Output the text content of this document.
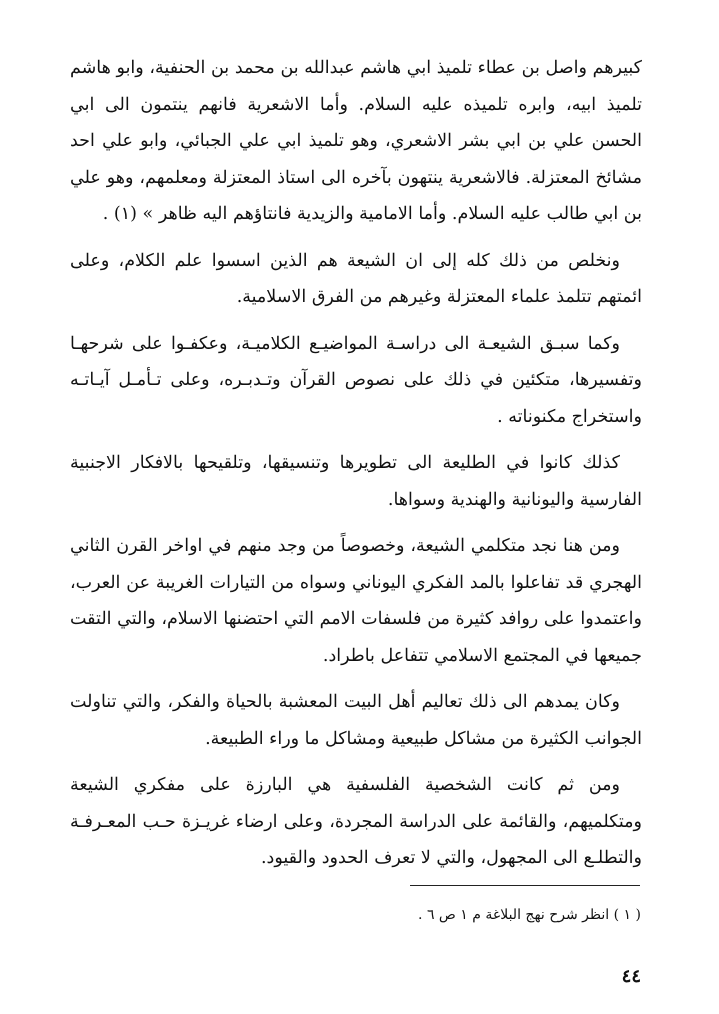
كبيرهم واصل بن عطاء تلميذ ابي هاشم عبدالله بن محمد بن الحنفية، وابو هاشم تلميذ ابيه، وابره تلميذه عليه السلام. وأما الاشعرية فانهم ينتمون الى ابي الحسن علي بن ابي بشر الاشعري، وهو تلميذ ابي علي الجبائي، وابو علي احد مشائخ المعتزلة. فالاشعرية ينتهون بآخره الى استاذ المعتزلة ومعلمهم، وهو علي بن ابي طالب عليه السلام. وأما الامامية والزيدية فانتاؤهم اليه ظاهر » (١) .

ونخلص من ذلك كله إلى ان الشيعة هم الذين اسسوا علم الكلام، وعلى ائمتهم تتلمذ علماء المعتزلة وغيرهم من الفرق الاسلامية.

وكما سبـق الشيعـة الى دراسـة المواضيـع الكلاميـة، وعكفـوا على شرحهـا وتفسيرها، متكئين في ذلك على نصوص القرآن وتـدبـره، وعلى تـأمـل آيـاتـه واستخراج مكنوناته .

كذلك كانوا في الطليعة الى تطويرها وتنسيقها، وتلقيحها بالافكار الاجنبية الفارسية واليونانية والهندية وسواها.

ومن هنا نجد متكلمي الشيعة، وخصوصاً من وجد منهم في اواخر القرن الثاني الهجري قد تفاعلوا بالمد الفكري اليوناني وسواه من التيارات الغريبة عن العرب، واعتمدوا على روافد كثيرة من فلسفات الامم التي احتضنها الاسلام، والتي التقت جميعها في المجتمع الاسلامي تتفاعل باطراد.

وكان يمدهم الى ذلك تعاليم أهل البيت المعشبة بالحياة والفكر، والتي تناولت الجوانب الكثيرة من مشاكل طبيعية ومشاكل ما وراء الطبيعة.

ومن ثم كانت الشخصية الفلسفية هي البارزة على مفكري الشيعة ومتكلميهم، والقائمة على الدراسة المجردة، وعلى ارضاء غريـزة حـب المعـرفـة والتطلـع الى المجهول، والتي لا تعرف الحدود والقيود.

( ١ ) انظر شرح نهج البلاغة م ١ ص ٦ .
٤٤
